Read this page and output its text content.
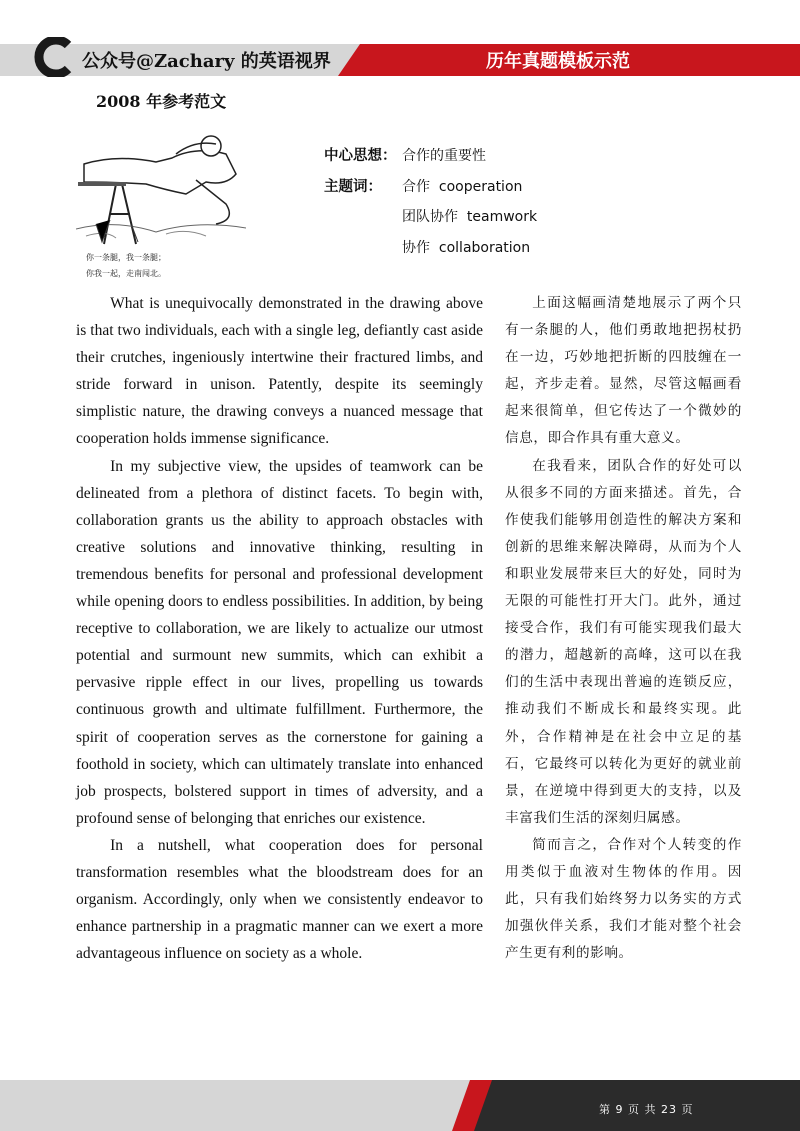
公众号@Zachary 的英语视界	历年真题模板示范
2008 年参考范文
你一条腿，我一条腿；
你我一起，走南闯北。
中心思想： 合作的重要性
主题词： 合作  cooperation
团队协作  teamwork
协作  collaboration

What is unequivocally demonstrated in the drawing above is that two individuals, each with a single leg, defiantly cast aside their crutches, ingeniously intertwine their fractured limbs, and stride forward in unison. Patently, despite its seemingly simplistic nature, the drawing conveys a nuanced message that cooperation holds immense significance.

In my subjective view, the upsides of teamwork can be delineated from a plethora of distinct facets. To begin with, collaboration grants us the ability to approach obstacles with creative solutions and innovative thinking, resulting in tremendous benefits for personal and professional development while opening doors to endless possibilities. In addition, by being receptive to collaboration, we are likely to actualize our utmost potential and surmount new summits, which can exhibit a pervasive ripple effect in our lives, propelling us towards continuous growth and ultimate fulfillment. Furthermore, the spirit of cooperation serves as the cornerstone for gaining a foothold in society, which can ultimately translate into enhanced job prospects, bolstered support in times of adversity, and a profound sense of belonging that enriches our existence.

In a nutshell, what cooperation does for personal transformation resembles what the bloodstream does for an organism. Accordingly, only when we consistently endeavor to enhance partnership in a pragmatic manner can we exert a more advantageous influence on society as a whole.

上面这幅画清楚地展示了两个只有一条腿的人，他们勇敢地把拐杖扔在一边，巧妙地把折断的四肢缠在一起，齐步走着。显然，尽管这幅画看起来很简单，但它传达了一个微妙的信息，即合作具有重大意义。

在我看来，团队合作的好处可以从很多不同的方面来描述。首先，合作使我们能够用创造性的解决方案和创新的思维来解决障碍，从而为个人和职业发展带来巨大的好处，同时为无限的可能性打开大门。此外，通过接受合作，我们有可能实现我们最大的潜力，超越新的高峰，这可以在我们的生活中表现出普遍的连锁反应，推动我们不断成长和最终实现。此外，合作精神是在社会中立足的基石，它最终可以转化为更好的就业前景，在逆境中得到更大的支持，以及丰富我们生活的深刻归属感。

简而言之，合作对个人转变的作用类似于血液对生物体的作用。因此，只有我们始终努力以务实的方式加强伙伴关系，我们才能对整个社会产生更有利的影响。

第 9 页 共 23 页
